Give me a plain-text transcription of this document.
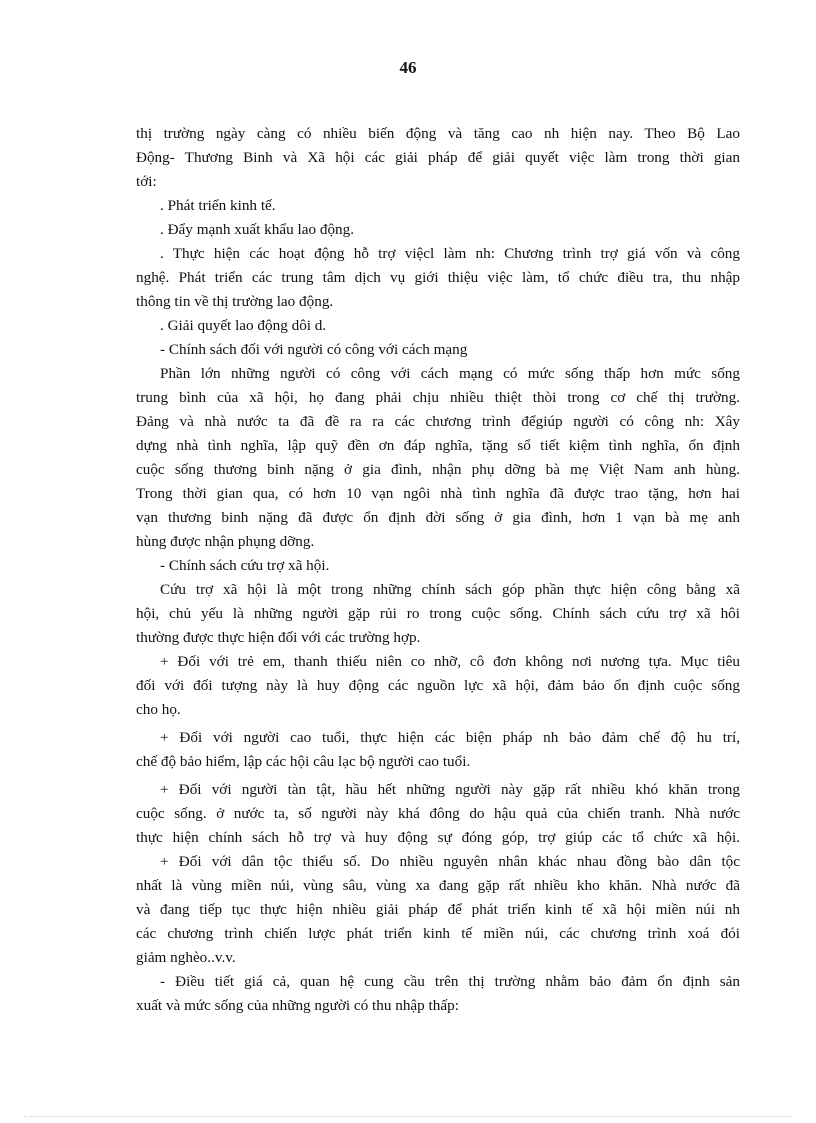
46
thị trường ngày càng có nhiều biến động và tăng cao nh hiện nay. Theo Bộ Lao
Động- Thương Binh và Xã hội các giải pháp để giải quyết việc làm trong thời gian
tới:
. Phát triển kinh tế.
. Đẩy mạnh xuất khẩu lao động.
. Thực hiện các hoạt động hỗ trợ việcl làm nh: Chương trình trợ giá vốn và công
nghệ. Phát triển các trung tâm dịch vụ giới thiệu việc làm, tổ chức điều tra, thu nhập
thông tin về thị trường lao động.
. Giải quyết lao động dôi d.
- Chính sách đối với người có công với cách mạng
Phần lớn những người có công với cách mạng có mức sống thấp hơn mức sống
trung bình của xã hội, họ đang phải chịu nhiều thiệt thòi trong cơ chế thị trường.
Đảng và nhà nước ta đã đề ra ra các chương trình đểgiúp người có công nh: Xây
dựng nhà tình nghĩa, lập quỹ đền ơn đáp nghĩa, tặng sổ tiết kiệm tình nghĩa, ổn định
cuộc sống thương binh nặng ở gia đình, nhận phụ dỡng bà mẹ Việt Nam anh hùng.
Trong thời gian qua, có hơn 10 vạn ngôi nhà tình nghĩa đã được trao tặng, hơn hai
vạn thương binh nặng đã được ổn định đời sống ở gia đình, hơn 1 vạn bà mẹ anh
hùng được nhận phụng dỡng.
- Chính sách cứu trợ xã hội.
Cứu trợ xã hội là một trong những chính sách góp phần thực hiện công bằng xã
hội, chủ yếu là những người gặp rủi ro trong cuộc sống. Chính sách cứu trợ xã hôi
thường được thực hiện đối với các trường hợp.
+ Đối với trẻ em, thanh thiếu niên co nhỡ, cô đơn không nơi nương tựa. Mục tiêu
đối với đối tượng này là huy động các nguồn lực xã hội, đảm bảo ổn định cuộc sống
cho họ.
+ Đối với người cao tuổi, thực hiện các biện pháp nh bảo đảm chế độ hu trí,
chế độ bảo hiểm, lập các hội câu lạc bộ người cao tuổi.
+ Đối với người tàn tật, hầu hết những người này gặp rất nhiều khó khăn trong
cuộc sống. ở nước ta, số người này khá đông do hậu quả của chiến tranh. Nhà nước
thực hiện chính sách hỗ trợ và huy động sự đóng góp, trợ giúp các tổ chức xã hội.
+ Đối với dân tộc thiểu số. Do nhiều nguyên nhân khác nhau đồng bào dân tộc
nhất là vùng miền núi, vùng sâu, vùng xa đang gặp rất nhiều kho khăn. Nhà nước đã
và đang tiếp tục thực hiện nhiều giải pháp để phát triển kinh tế xã hội miền núi nh
các chương trình chiến lược phát triển kinh tế miền núi, các chương trình xoá đói
giảm nghèo..v.v.
- Điều tiết giá cả, quan hệ cung cầu trên thị trường nhằm bảo đảm ổn định sản
xuất và mức sống của những người có thu nhập thấp:
